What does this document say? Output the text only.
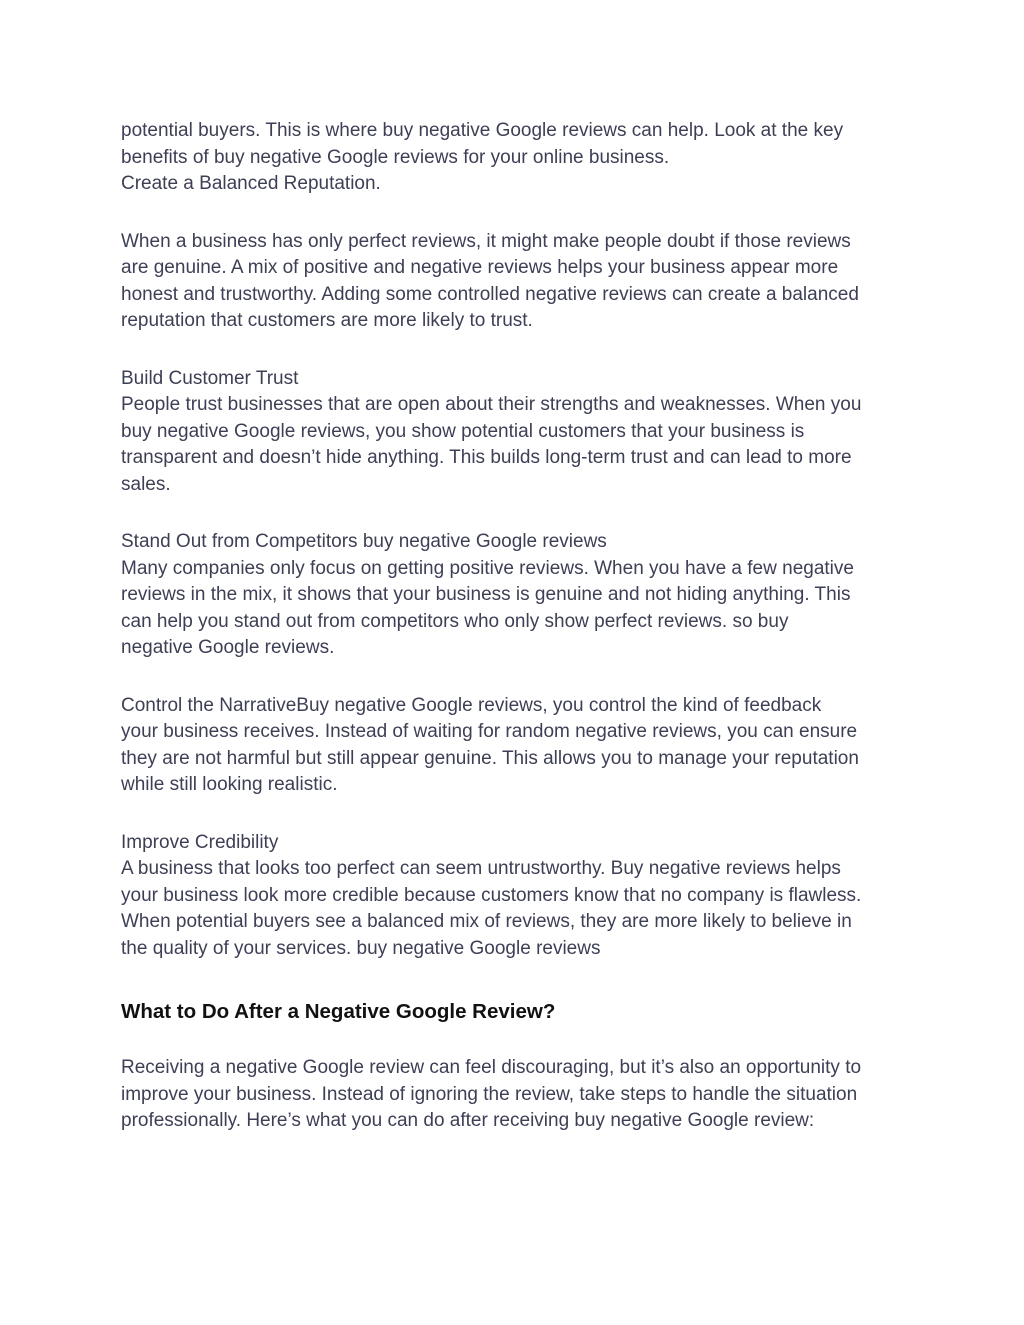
potential buyers. This is where buy negative Google reviews can help. Look at the key
benefits of buy negative Google reviews for your online business.
Create a Balanced Reputation.

When a business has only perfect reviews, it might make people doubt if those reviews
are genuine. A mix of positive and negative reviews helps your business appear more
honest and trustworthy. Adding some controlled negative reviews can create a balanced
reputation that customers are more likely to trust.

Build Customer Trust
People trust businesses that are open about their strengths and weaknesses. When you
buy negative Google reviews, you show potential customers that your business is
transparent and doesn’t hide anything. This builds long-term trust and can lead to more
sales.

Stand Out from Competitors buy negative Google reviews
Many companies only focus on getting positive reviews. When you have a few negative
reviews in the mix, it shows that your business is genuine and not hiding anything. This
can help you stand out from competitors who only show perfect reviews. so buy
negative Google reviews.

Control the NarrativeBuy negative Google reviews, you control the kind of feedback
your business receives. Instead of waiting for random negative reviews, you can ensure
they are not harmful but still appear genuine. This allows you to manage your reputation
while still looking realistic.

Improve Credibility
A business that looks too perfect can seem untrustworthy. Buy negative reviews helps
your business look more credible because customers know that no company is flawless.
When potential buyers see a balanced mix of reviews, they are more likely to believe in
the quality of your services. buy negative Google reviews

What to Do After a Negative Google Review?

Receiving a negative Google review can feel discouraging, but it’s also an opportunity to
improve your business. Instead of ignoring the review, take steps to handle the situation
professionally. Here’s what you can do after receiving buy negative Google review:
